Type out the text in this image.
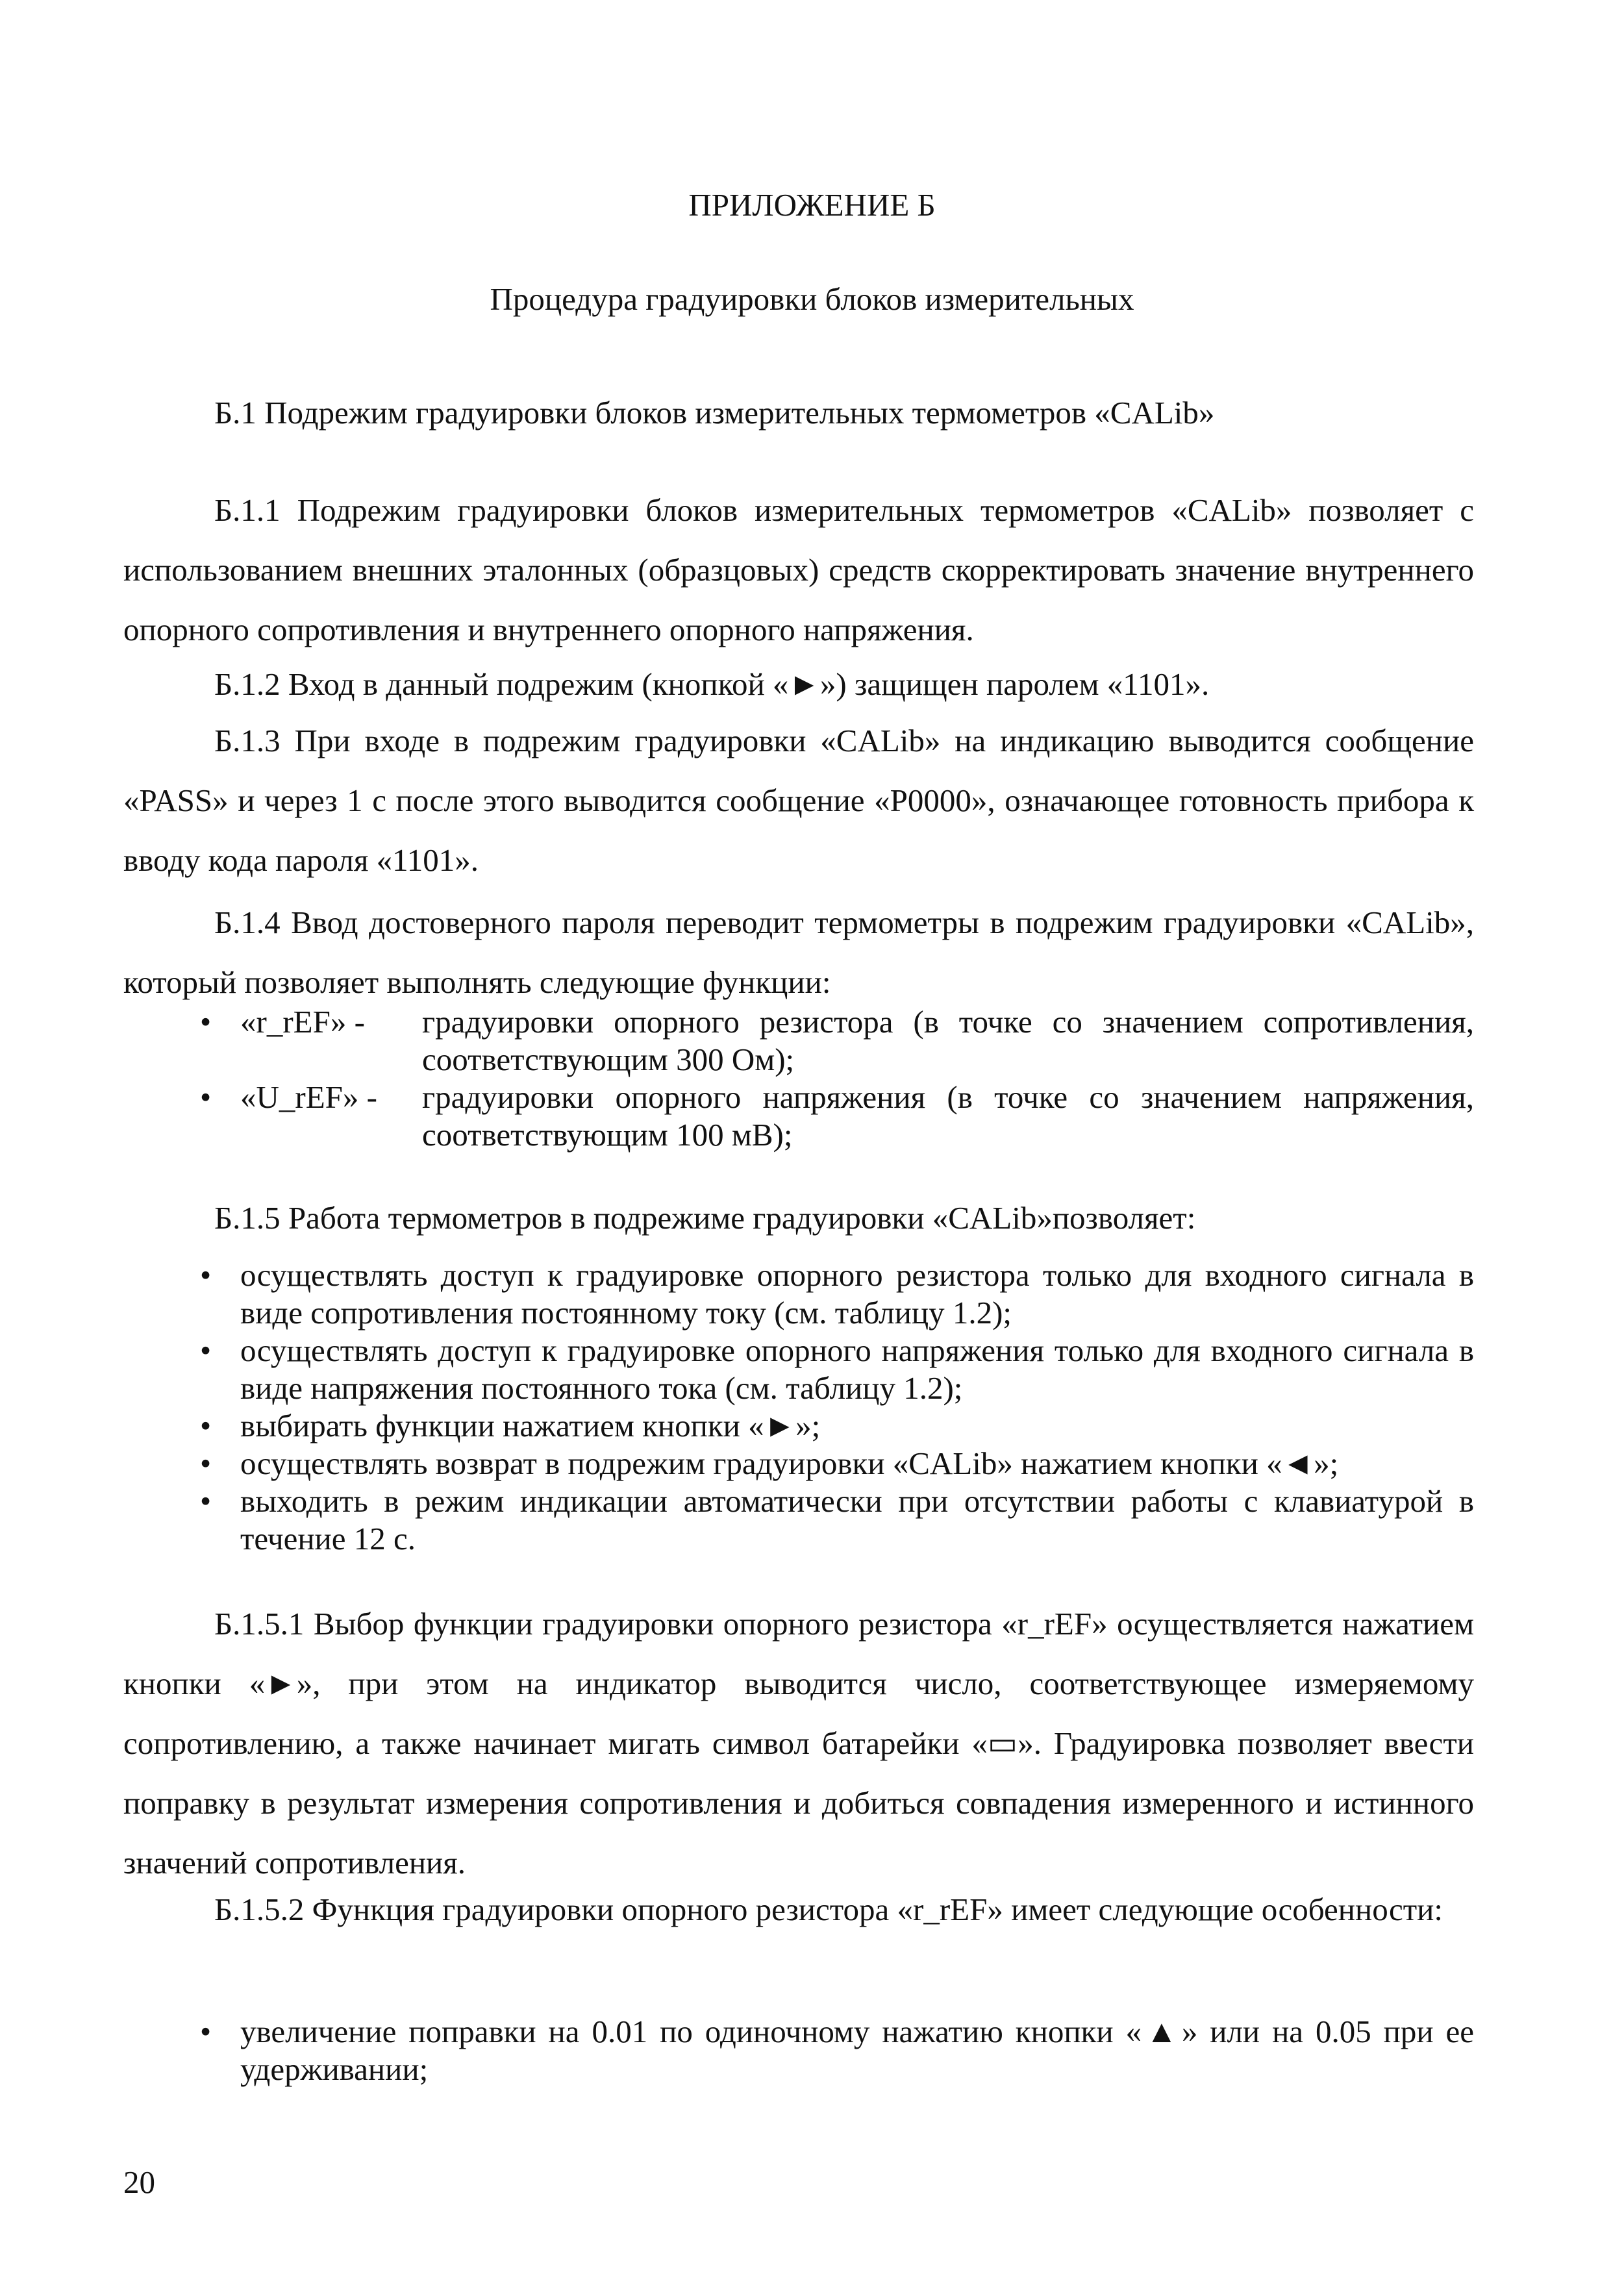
ПРИЛОЖЕНИЕ Б
Процедура градуировки блоков измерительных
Б.1 Подрежим градуировки блоков измерительных термометров «CALib»
Б.1.1 Подрежим градуировки блоков измерительных термометров «CALib» позволяет с использованием внешних эталонных (образцовых) средств скорректировать значение внутреннего опорного сопротивления и внутреннего опорного напряжения.
Б.1.2 Вход в данный подрежим (кнопкой «►») защищен паролем «1101».
Б.1.3 При входе в подрежим градуировки «CALib» на индикацию выводится сообщение «PASS» и через 1 с после этого выводится сообщение «Р0000», означающее готовность прибора к вводу кода пароля «1101».
Б.1.4 Ввод достоверного пароля переводит термометры в подрежим градуировки «CALib», который позволяет выполнять следующие функции:
• «r_rEF» -	градуировки опорного резистора (в точке со значением сопротивления, соответствующим 300 Ом);
• «U_rEF» -	градуировки опорного напряжения (в точке со значением напряжения, соответствующим 100 мВ);
Б.1.5 Работа термометров в подрежиме градуировки «CALib»позволяет:
• осуществлять доступ к градуировке опорного резистора только для входного сигнала в виде сопротивления постоянному току (см. таблицу 1.2);
• осуществлять доступ к градуировке опорного напряжения только для входного сигнала в виде напряжения постоянного тока (см. таблицу 1.2);
• выбирать функции нажатием кнопки «►»;
• осуществлять возврат в подрежим градуировки «CALib» нажатием кнопки «◄»;
• выходить в режим индикации автоматически при отсутствии работы с клавиатурой в течение 12 с.
Б.1.5.1 Выбор функции градуировки опорного резистора «r_rEF» осуществляется нажатием кнопки «►», при этом на индикатор выводится число, соответствующее измеряемому сопротивлению, а также начинает мигать символ батарейки «▭». Градуировка позволяет ввести поправку в результат измерения сопротивления и добиться совпадения измеренного и истинного значений сопротивления.
Б.1.5.2 Функция градуировки опорного резистора «r_rEF» имеет следующие особенности:
• увеличение поправки на 0.01 по одиночному нажатию кнопки «▲» или на 0.05 при ее удерживании;
20
